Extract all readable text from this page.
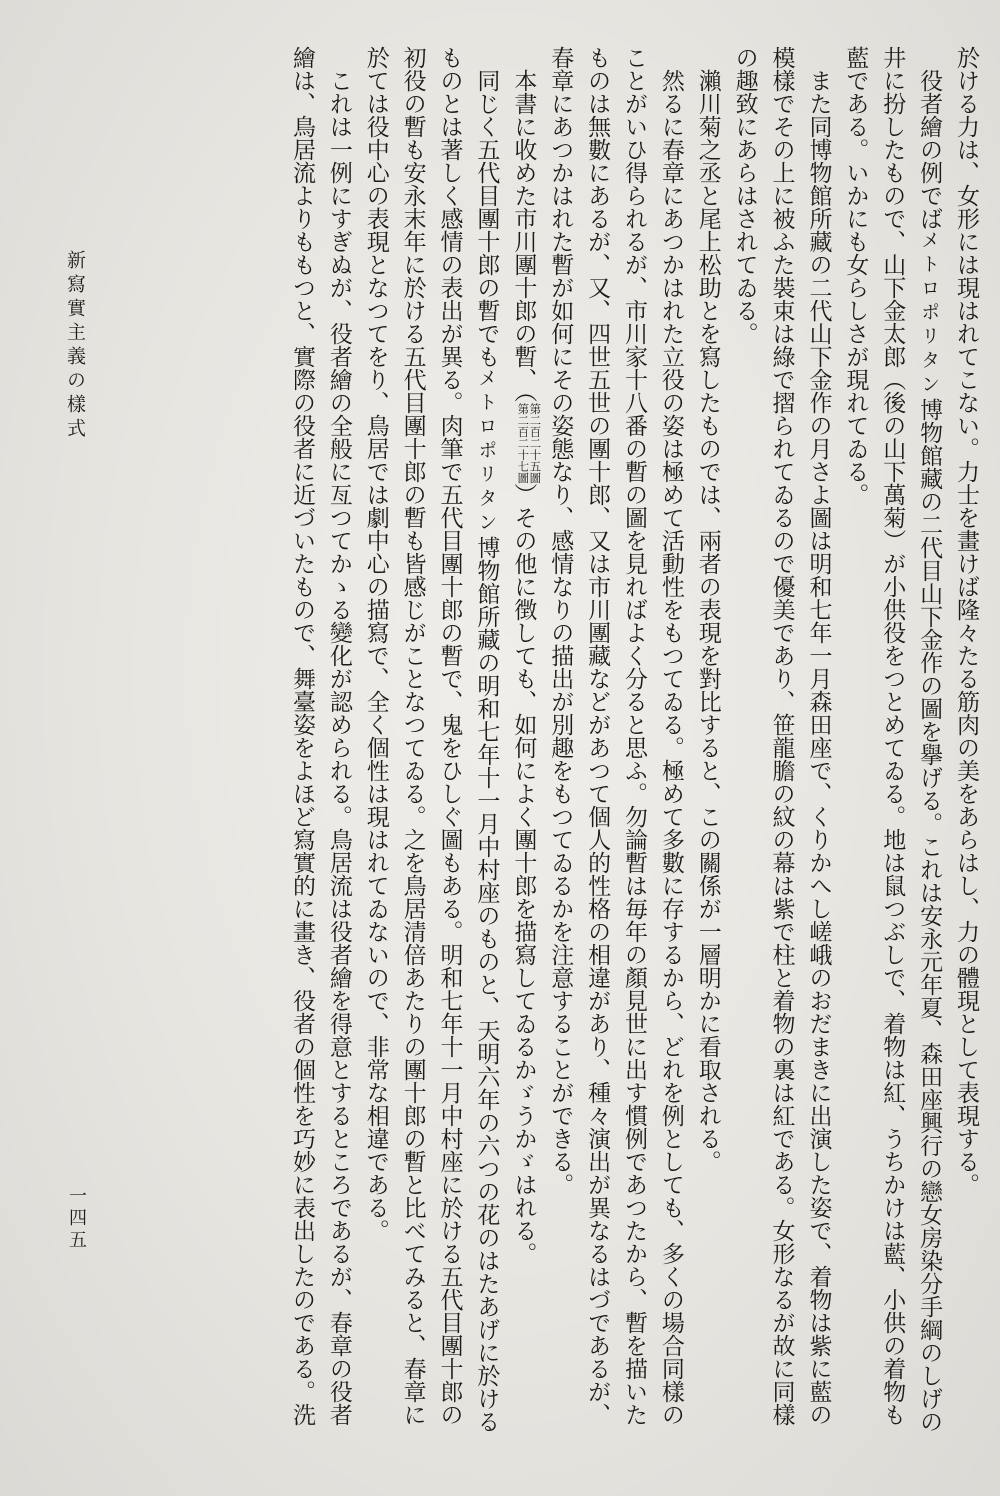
於ける力は、女形には現はれてこない。力士を畫けば隆々たる筋肉の美をあらはし、力の體現として表現する。
役者繪の例でばメトロポリタン博物館藏の二代目山下金作の圖を擧げる。これは安永元年夏、森田座興行の戀女房染分手綱のしげの
井に扮したもので、山下金太郎（後の山下萬菊）が小供役をつとめてゐる。地は鼠つぶしで、着物は紅、うちかけは藍、小供の着物も
藍である。いかにも女らしさが現れてゐる。
また同博物館所藏の二代山下金作の月さよ圖は明和七年一月森田座で、くりかへし嵯峨のおだまきに出演した姿で、着物は紫に藍の
模樣でその上に被ふた裝束は綠で摺られてゐるので優美であり、笹龍膽の紋の幕は紫で柱と着物の裏は紅である。女形なるが故に同樣
の趣致にあらはされてゐる。
瀨川菊之丞と尾上松助とを寫したものでは、兩者の表現を對比すると、この關係が一層明かに看取される。
然るに春章にあつかはれた立役の姿は極めて活動性をもつてゐる。極めて多數に存するから、どれを例としても、多くの場合同樣の
ことがいひ得られるが、市川家十八番の暫の圖を見ればよく分ると思ふ。勿論暫は毎年の顏見世に出す慣例であつたから、暫を描いた
ものは無數にあるが、又、四世五世の團十郎、又は市川團藏などがあつて個人的性格の相違があり、種々演出が異なるはづであるが、
春章にあつかはれた暫が如何にその姿態なり、感情なりの描出が別趣をもつてゐるかを注意することができる。
本書に收めた市川團十郎の暫、（
第二百二十五圖
第二百二十七圖
）その他に徴しても、如何によく團十郎を描寫してゐるかゞうかゞはれる。
同じく五代目團十郎の暫でもメトロポリタン博物館所藏の明和七年十一月中村座のものと、天明六年の六つの花のはたあげに於ける
ものとは著しく感情の表出が異る。肉筆で五代目團十郎の暫で、鬼をひしぐ圖もある。明和七年十一月中村座に於ける五代目團十郎の
初役の暫も安永末年に於ける五代目團十郎の暫も皆感じがことなつてゐる。之を鳥居清倍あたりの團十郎の暫と比べてみると、春章に
於ては役中心の表現となつてをり、鳥居では劇中心の描寫で、全く個性は現はれてゐないので、非常な相違である。
これは一例にすぎぬが、役者繪の全般に亙つてかゝる變化が認められる。鳥居流は役者繪を得意とするところであるが、春章の役者
繪は、鳥居流よりももつと、實際の役者に近づいたもので、舞臺姿をよほど寫實的に畫き、役者の個性を巧妙に表出したのである。洗
新寫實主義の樣式
一四五
